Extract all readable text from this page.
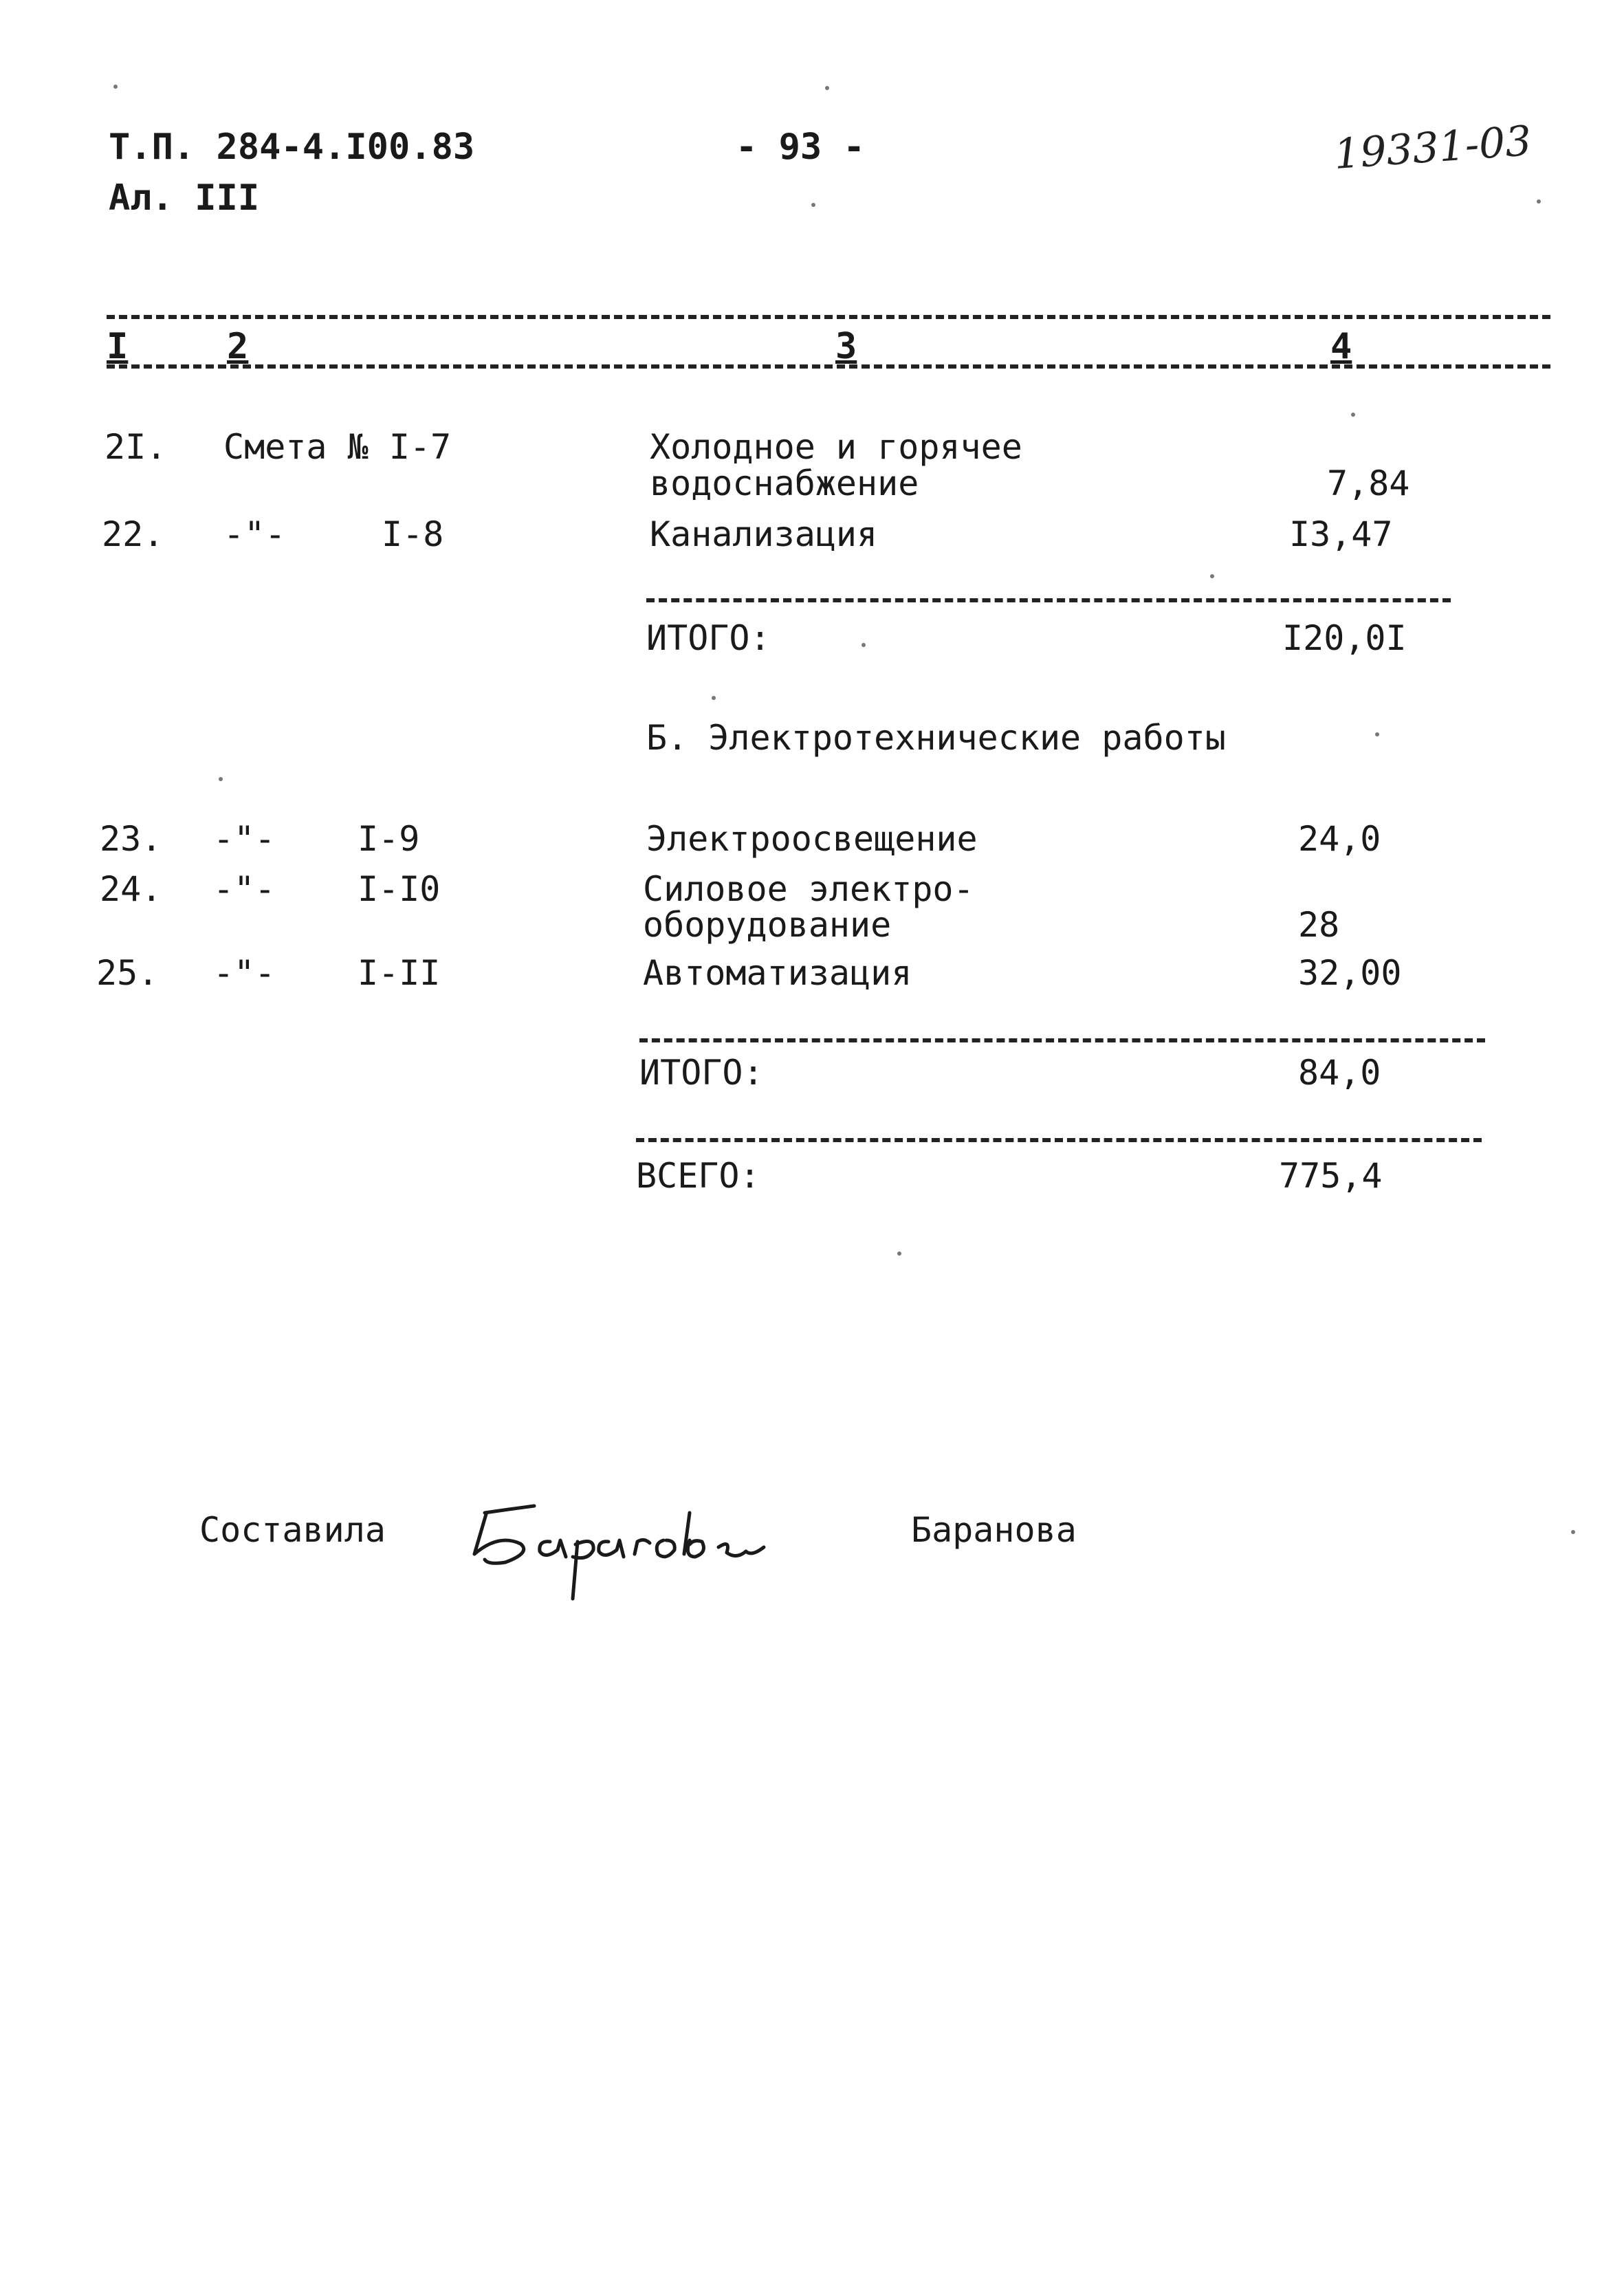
Т.П. 284-4.I00.83
Ал. III
- 93 -	19331-03
I	2	3	4
2I. Смета № I-7	Холодное и горячее
водоснабжение	7,84
22. -"-	I-8	Канализация	I3,47
ИТОГО:	I20,0I
Б. Электротехнические работы
23. -"- I-9	Электроосвещение	24,0
24. -"- I-I0	Силовое электро-
оборудование	28
25. -"- I-II	Автоматизация	32,00
ИТОГО:	84,0
ВСЕГО:	775,4
Составила	Баранова
